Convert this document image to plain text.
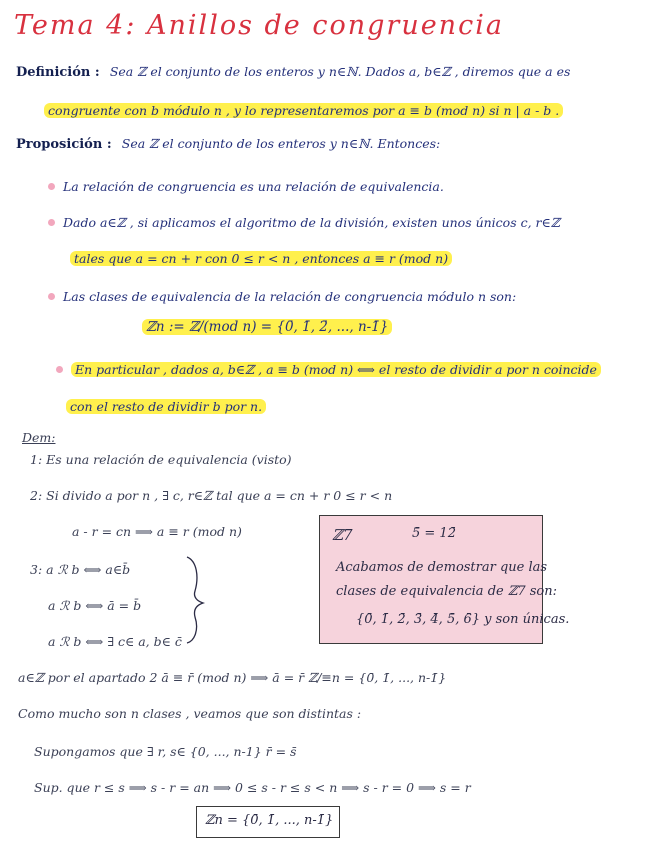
Tema 4: Anillos de congruencia
Definición : Sea ℤ el conjunto de los enteros y n∈ℕ. Dados a, b∈ℤ , diremos que a es
congruente con b módulo n , y lo representaremos por a ≡ b (mod n) si n | a - b .
Proposición : Sea ℤ el conjunto de los enteros y n∈ℕ. Entonces:
La relación de congruencia es una relación de equivalencia.
Dado a∈ℤ , si aplicamos el algoritmo de la división, existen unos únicos c, r∈ℤ
tales que a = cn + r con 0 ≤ r < n , entonces a ≡ r (mod n)
Las clases de equivalencia de la relación de congruencia módulo n son:
ℤn := ℤ/(mod n) = {0̄, 1̄, 2̄, ..., n-1̄}
En particular , dados a, b∈ℤ , a ≡ b (mod n) ⟺ el resto de dividir a por n coincide
con el resto de dividir b por n.
Dem:
1: Es una relación de equivalencia (visto)
2: Si divido a por n , ∃ c, r∈ℤ tal que a = cn + r 0 ≤ r < n
a - r = cn ⟹ a ≡ r (mod n)
3: a ℛ b ⟺ a∈b̄
a ℛ b ⟺ ā = b̄
a ℛ b ⟺ ∃ c∈ a, b∈ c̄
ℤ7	5̄ = 12̄
Acabamos de demostrar que las
clases de equivalencia de ℤ7 son:
{0̄, 1̄, 2̄, 3̄, 4̄, 5̄, 6̄} y son únicas.
a∈ℤ por el apartado 2 ā ≡ r̄ (mod n) ⟹ ā = r̄ ℤ/≡n = {0̄, 1̄, ..., n-1̄}
Como mucho son n clases , veamos que son distintas :
Supongamos que ∃ r, s∈ {0, ..., n-1} r̄ = s̄
Sup. que r ≤ s ⟹ s - r = an ⟹ 0 ≤ s - r ≤ s < n ⟹ s - r = 0 ⟹ s = r
ℤn = {0̄, 1̄, ..., n-1̄}
